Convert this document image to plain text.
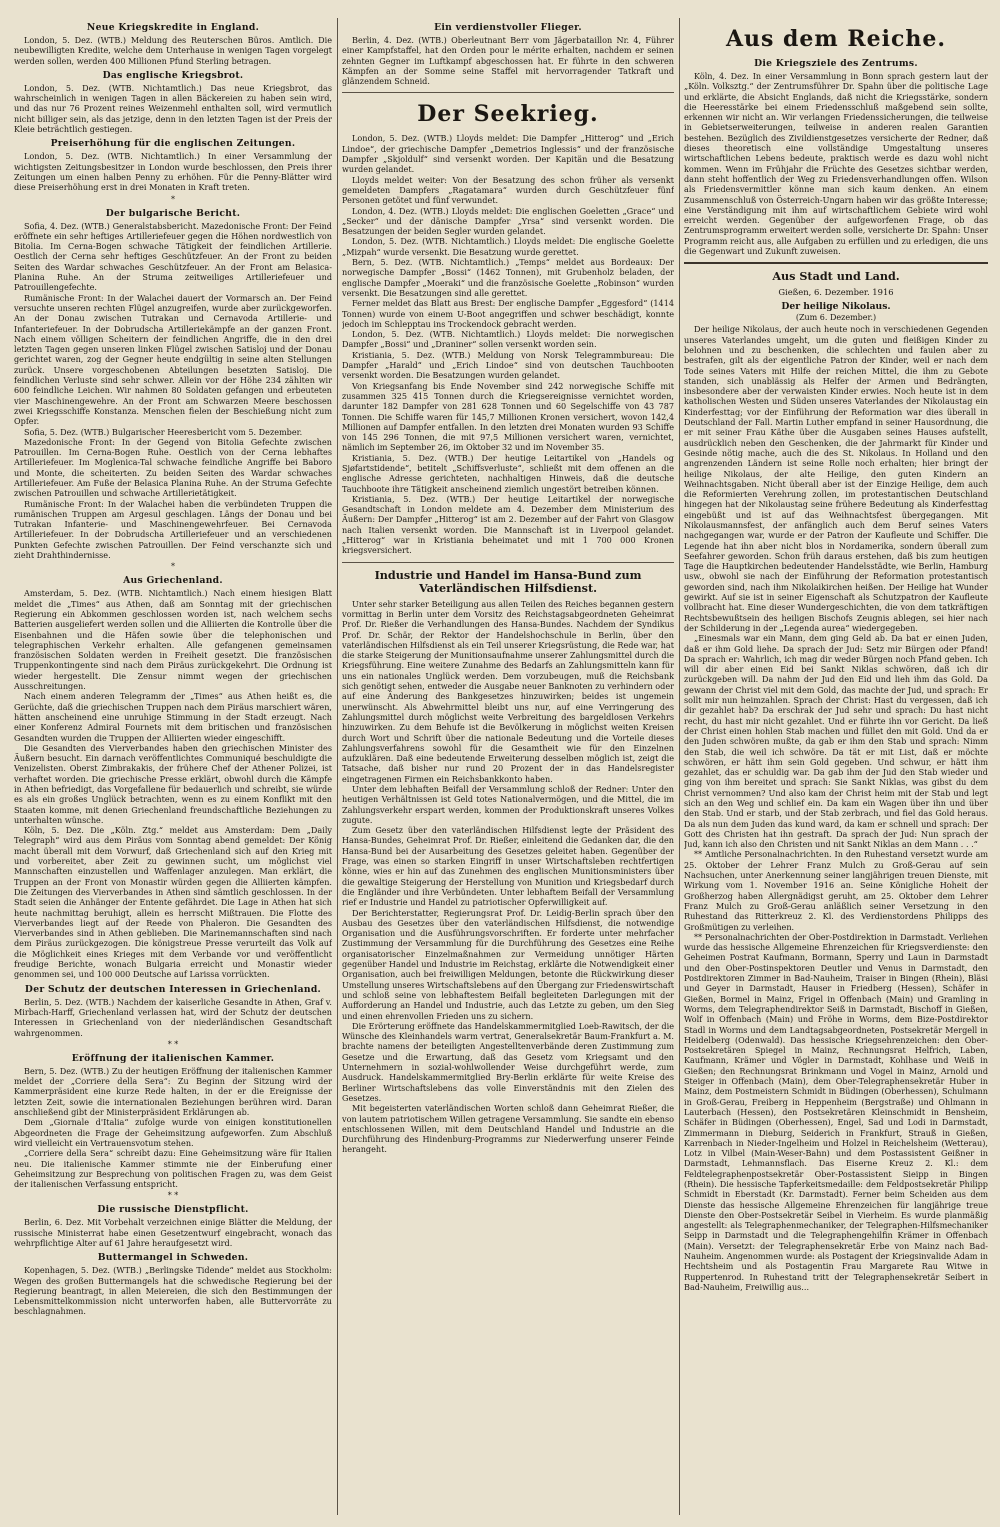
Neue Kriegskredite in England.

London, 5. Dez. (WTB.) Meldung des Reuterschen Büros. Amtlich. Die neubewilligten Kredite, welche dem Unterhause in wenigen Tagen vorgelegt werden sollen, werden 400 Millionen Pfund Sterling betragen.

Das englische Kriegsbrot.

London, 5. Dez. (WTB. Nichtamtlich.) Das neue Kriegsbrot, das wahrscheinlich in wenigen Tagen in allen Bäckereien zu haben sein wird, und das nur 76 Prozent reines Weizenmehl enthalten soll, wird vermutlich nicht billiger sein, als das jetzige, denn in den letzten Tagen ist der Preis der Kleie beträchtlich gestiegen.

Preiserhöhung für die englischen Zeitungen.

London, 5. Dez. (WTB. Nichtamtlich.) In einer Versammlung der wichtigsten Zeitungsbesitzer in London wurde beschlossen, den Preis ihrer Zeitungen um einen halben Penny zu erhöhen. Für die Penny-Blätter wird diese Preiserhöhung erst in drei Monaten in Kraft treten.

*
Der bulgarische Bericht.

Sofia, 4. Dez. (WTB.) Generalstabsbericht. Mazedonische Front: Der Feind eröffnete ein sehr heftiges Artilleriefeuer gegen die Höhen nordwestlich von Bitolia. Im Cerna-Bogen schwache Tätigkeit der feindlichen Artillerie. Oestlich der Cerna sehr heftiges Geschützfeuer. An der Front zu beiden Seiten des Wardar schwaches Geschützfeuer. An der Front am Belasica-Planina Ruhe. An der Struma zeitweiliges Artilleriefeuer und Patrouillengefechte.

Rumänische Front: In der Walachei dauert der Vormarsch an. Der Feind versuchte unseren rechten Flügel anzugreifen, wurde aber zurückgeworfen. An der Donau zwischen Tutrakan und Cernavoda Artillerie- und Infanteriefeuer. In der Dobrudscha Artilleriekämpfe an der ganzen Front. Nach einem völligen Scheitern der feindlichen Angriffe, die in den drei letzten Tagen gegen unseren linken Flügel zwischen Satisloj und der Donau gerichtet waren, zog der Gegner heute endgültig in seine alten Stellungen zurück. Unsere vorgeschobenen Abteilungen besetzten Satisloj. Die feindlichen Verluste sind sehr schwer. Allein vor der Höhe 234 zählten wir 600 feindliche Leichen. Wir nahmen 80 Soldaten gefangen und erbeuteten vier Maschinengewehre. An der Front am Schwarzen Meere beschossen zwei Kriegsschiffe Konstanza. Menschen fielen der Beschießung nicht zum Opfer.

Sofia, 5. Dez. (WTB.) Bulgarischer Heeresbericht vom 5. Dezember.

Mazedonische Front: In der Gegend von Bitolia Gefechte zwischen Patrouillen. Im Cerna-Bogen Ruhe. Oestlich von der Cerna lebhaftes Artilleriefeuer. Im Moglenica-Tal schwache feindliche Angriffe bei Baboro und Monte, die scheiterten. Zu beiden Seiten des Wardar schwaches Artilleriefeuer. Am Fuße der Belasica Planina Ruhe. An der Struma Gefechte zwischen Patrouillen und schwache Artillerietätigkeit.

Rumänische Front: In der Walachei haben die verbündeten Truppen die rumänischen Truppen am Argesul geschlagen. Längs der Donau und bei Tutrakan Infanterie- und Maschinengewehrfeuer. Bei Cernavoda Artilleriefeuer. In der Dobrudscha Artilleriefeuer und an verschiedenen Punkten Gefechte zwischen Patrouillen. Der Feind verschanzte sich und zieht Drahthindernisse.

*
Aus Griechenland.

Amsterdam, 5. Dez. (WTB. Nichtamtlich.) Nach einem hiesigen Blatt meldet die „Times“ aus Athen, daß am Sonntag mit der griechischen Regierung ein Abkommen geschlossen worden ist, nach welchem sechs Batterien ausgeliefert werden sollen und die Alliierten die Kontrolle über die Eisenbahnen und die Häfen sowie über die telephonischen und telegraphischen Verkehr erhalten. Alle gefangenen gemeinsamen französischen Soldaten werden in Freiheit gesetzt. Die französischen Truppenkontingente sind nach dem Piräus zurückgekehrt. Die Ordnung ist wieder hergestellt. Die Zensur nimmt wegen der griechischen Ausschreitungen.

Nach einem anderen Telegramm der „Times“ aus Athen heißt es, die Gerüchte, daß die griechischen Truppen nach dem Piräus marschiert wären, hätten anscheinend eine unruhige Stimmung in der Stadt erzeugt. Nach einer Konferenz Admiral Fournets mit dem britischen und französischen Gesandten wurden die Truppen der Alliierten wieder eingeschifft.

Die Gesandten des Vierverbandes haben den griechischen Minister des Äußern besucht. Ein darnach veröffentlichtes Communiqué beschuldigte die Venizelisten. Oberst Zimbrakakis, der frühere Chef der Athener Polizei, ist verhaftet worden. Die griechische Presse erklärt, obwohl durch die Kämpfe in Athen befriedigt, das Vorgefallene für bedauerlich und schreibt, sie würde es als ein großes Unglück betrachten, wenn es zu einem Konflikt mit den Staaten komme, mit denen Griechenland freundschaftliche Beziehungen zu unterhalten wünsche.

Köln, 5. Dez. Die „Köln. Ztg.“ meldet aus Amsterdam: Dem „Daily Telegraph“ wird aus dem Piräus vom Sonntag abend gemeldet: Der König macht überall mit dem Vorwurf, daß Griechenland sich auf den Krieg mit und vorbereitet, aber Zeit zu gewinnen sucht, um möglichst viel Mannschaften einzustellen und Waffenlager anzulegen. Man erklärt, die Truppen an der Front von Monastir würden gegen die Alliierten kämpfen. Die Zeitungen des Vierverbandes in Athen sind sämtlich geschlossen. In der Stadt seien die Anhänger der Entente gefährdet. Die Lage in Athen hat sich heute nachmittag beruhigt, allein es herrscht Mißtrauen. Die Flotte des Vierverbandes liegt auf der Reede von Phaleron. Die Gesandten des Vierverbandes sind in Athen geblieben. Die Marinemannschaften sind nach dem Piräus zurückgezogen. Die königstreue Presse verurteilt das Volk auf die Möglichkeit eines Krieges mit dem Verbande vor und veröffentlicht freudige Berichte, wonach Bulgaria erreicht und Monastir wieder genommen sei, und 100 000 Deutsche auf Larissa vorrückten.

Der Schutz der deutschen Interessen in Griechenland.

Berlin, 5. Dez. (WTB.) Nachdem der kaiserliche Gesandte in Athen, Graf v. Mirbach-Harff, Griechenland verlassen hat, wird der Schutz der deutschen Interessen in Griechenland von der niederländischen Gesandtschaft wahrgenommen.

* *
Eröffnung der italienischen Kammer.

Bern, 5. Dez. (WTB.) Zu der heutigen Eröffnung der italienischen Kammer meldet der „Corriere della Sera“: Zu Beginn der Sitzung wird der Kammerpräsident eine kurze Rede halten, in der er die Ereignisse der letzten Zeit, sowie die internationalen Beziehungen berühren wird. Daran anschließend gibt der Ministerpräsident Erklärungen ab.

Dem „Giornale d'Italia“ zufolge wurde von einigen konstitutionellen Abgeordneten die Frage der Geheimsitzung aufgeworfen. Zum Abschluß wird vielleicht ein Vertrauensvotum stehen.

„Corriere della Sera“ schreibt dazu: Eine Geheimsitzung wäre für Italien neu. Die italienische Kammer stimmte nie der Einberufung einer Geheimsitzung zur Besprechung von politischen Fragen zu, was dem Geist der italienischen Verfassung entspricht.

* *
Die russische Dienstpflicht.

Berlin, 6. Dez. Mit Vorbehalt verzeichnen einige Blätter die Meldung, der russische Ministerrat habe einen Gesetzentwurf eingebracht, wonach das wehrpflichtige Alter auf 61 Jahre heraufgesetzt wird.

Buttermangel in Schweden.

Kopenhagen, 5. Dez. (WTB.) „Berlingske Tidende“ meldet aus Stockholm: Wegen des großen Buttermangels hat die schwedische Regierung bei der Regierung beantragt, in allen Meiereien, die sich den Bestimmungen der Lebensmittelkommission nicht unterworfen haben, alle Buttervorräte zu beschlagnahmen.

Ein verdienstvoller Flieger.

Berlin, 4. Dez. (WTB.) Oberleutnant Berr vom Jägerbataillon Nr. 4, Führer einer Kampfstaffel, hat den Orden pour le mérite erhalten, nachdem er seinen zehnten Gegner im Luftkampf abgeschossen hat. Er führte in den schweren Kämpfen an der Somme seine Staffel mit hervorragender Tatkraft und glänzendem Schneid.

Der Seekrieg.

London, 5. Dez. (WTB.) Lloyds meldet: Die Dampfer „Hitterog“ und „Erich Lindoe“, der griechische Dampfer „Demetrios Inglessis“ und der französische Dampfer „Skjoldulf“ sind versenkt worden. Der Kapitän und die Besatzung wurden gelandet.

Lloyds meldet weiter: Von der Besatzung des schon früher als versenkt gemeldeten Dampfers „Ragatamara“ wurden durch Geschützfeuer fünf Personen getötet und fünf verwundet.

London, 4. Dez. (WTB.) Lloyds meldet: Die englischen Goeletten „Grace“ und „Secker“ und der dänische Dampfer „Yrsa“ sind versenkt worden. Die Besatzungen der beiden Segler wurden gelandet.

London, 5. Dez. (WTB. Nichtamtlich.) Lloyds meldet: Die englische Goelette „Mizpah“ wurde versenkt. Die Besatzung wurde gerettet.

Bern, 5. Dez. (WTB. Nichtamtlich.) „Temps“ meldet aus Bordeaux: Der norwegische Dampfer „Bossi“ (1462 Tonnen), mit Grubenholz beladen, der englische Dampfer „Moeraki“ und die französische Goelette „Robinson“ wurden versenkt. Die Besatzungen sind alle gerettet.

Ferner meldet das Blatt aus Brest: Der englische Dampfer „Eggesford“ (1414 Tonnen) wurde von einem U-Boot angegriffen und schwer beschädigt, konnte jedoch im Schlepptau ins Trockendock gebracht werden.

London, 5. Dez. (WTB. Nichtamtlich.) Lloyds meldet: Die norwegischen Dampfer „Bossi“ und „Draniner“ sollen versenkt worden sein.

Kristiania, 5. Dez. (WTB.) Meldung von Norsk Telegrammbureau: Die Dampfer „Harald“ und „Erich Lindoe“ sind von deutschen Tauchbooten versenkt worden. Die Besatzungen wurden gelandet.

Von Kriegsanfang bis Ende November sind 242 norwegische Schiffe mit zusammen 325 415 Tonnen durch die Kriegsereignisse vernichtet worden, darunter 182 Dampfer von 281 628 Tonnen und 60 Segelschiffe von 43 787 Tonnen. Die Schiffe waren für 145,7 Millionen Kronen versichert, wovon 142,4 Millionen auf Dampfer entfallen. In den letzten drei Monaten wurden 93 Schiffe von 145 296 Tonnen, die mit 97,5 Millionen versichert waren, vernichtet, nämlich im September 26, im Oktober 32 und im November 35.

Kristiania, 5. Dez. (WTB.) Der heutige Leitartikel von „Handels og Sjøfartstidende“, betitelt „Schiffsverluste“, schließt mit dem offenen an die englische Adresse gerichteten, nachhaltigen Hinweis, daß die deutsche Tauchboote ihre Tätigkeit anscheinend ziemlich ungestört betreiben können.

Kristiania, 5. Dez. (WTB.) Der heutige Leitartikel der norwegische Gesandtschaft in London meldete am 4. Dezember dem Ministerium des Äußern: Der Dampfer „Hitterog“ ist am 2. Dezember auf der Fahrt von Glasgow nach Italien versenkt worden. Die Mannschaft ist in Liverpool gelandet. „Hitterog“ war in Kristiania beheimatet und mit 1 700 000 Kronen kriegsversichert.

Industrie und Handel im Hansa-Bund zum Vaterländischen Hilfsdienst.

Unter sehr starker Beteiligung aus allen Teilen des Reiches begannen gestern vormittag in Berlin unter dem Vorsitz des Reichstagsabgeordneten Geheimrat Prof. Dr. Rießer die Verhandlungen des Hansa-Bundes. Nachdem der Syndikus Prof. Dr. Schär, der Rektor der Handelshochschule in Berlin, über den vaterländischen Hilfsdienst als ein Teil unserer Kriegsrüstung, die Rede war, hat die starke Steigerung der Munitionsaufnahme unserer Zahlungsmittel durch die Kriegsführung. Eine weitere Zunahme des Bedarfs an Zahlungsmitteln kann für uns ein nationales Unglück werden. Dem vorzubeugen, muß die Reichsbank sich genötigt sehen, entweder die Ausgabe neuer Banknoten zu verhindern oder auf eine Änderung des Bankgesetzes hinzuwirken; beides ist ungemein unerwünscht. Als Abwehrmittel bleibt uns nur, auf eine Verringerung des Zahlungsmittel durch möglichst weite Verbreitung des bargeldlosen Verkehrs hinzuwirken. Zu dem Behufe ist die Bevölkerung in möglichst weiten Kreisen durch Wort und Schrift über die nationale Bedeutung und die Vorteile dieses Zahlungsverfahrens sowohl für die Gesamtheit wie für den Einzelnen aufzuklären. Daß eine bedeutende Erweiterung desselben möglich ist, zeigt die Tatsache, daß bisher nur rund 20 Prozent der in das Handelsregister eingetragenen Firmen ein Reichsbankkonto haben.

Unter dem lebhaften Beifall der Versammlung schloß der Redner: Unter den heutigen Verhältnissen ist Geld totes Nationalvermögen, und die Mittel, die im Zahlungsverkehr erspart werden, kommen der Produktionskraft unseres Volkes zugute.

Zum Gesetz über den vaterländischen Hilfsdienst legte der Präsident des Hansa-Bundes, Geheimrat Prof. Dr. Rießer, einleitend die Gedanken dar, die den Hansa-Bund bei der Ausarbeitung des Gesetzes geleitet haben. Gegenüber der Frage, was einen so starken Eingriff in unser Wirtschaftsleben rechtfertigen könne, wies er hin auf das Zunehmen des englischen Munitionsministers über die gewaltige Steigerung der Herstellung von Munition und Kriegsbedarf durch die Engländer und ihre Verbündeten. Unter lebhaftem Beifall der Versammlung rief er Industrie und Handel zu patriotischer Opferwilligkeit auf.

Der Berichterstatter, Regierungsrat Prof. Dr. Leidig-Berlin sprach über den Ausbau des Gesetzes über den vaterländischen Hilfsdienst, die notwendige Organisation und die Ausführungsvorschriften. Er forderte unter mehrfacher Zustimmung der Versammlung für die Durchführung des Gesetzes eine Reihe organisatorischer Einzelmaßnahmen zur Vermeidung unnötiger Härten gegenüber Handel und Industrie im Reichstag, erklärte die Notwendigkeit einer Organisation, auch bei freiwilligen Meldungen, betonte die Rückwirkung dieser Umstellung unseres Wirtschaftslebens auf den Übergang zur Friedenswirtschaft und schloß seine von lebhaftestem Beifall begleiteten Darlegungen mit der Aufforderung an Handel und Industrie, auch das Letzte zu geben, um den Sieg und einen ehrenvollen Frieden uns zu sichern.

Die Erörterung eröffnete das Handelskammermitglied Loeb-Rawitsch, der die Wünsche des Kleinhandels warm vertrat, Generalsekretär Baum-Frankfurt a. M. brachte namens der beteiligten Angestelltenverbände deren Zustimmung zum Gesetze und die Erwartung, daß das Gesetz vom Kriegsamt und den Unternehmern in sozial-wohlwollender Weise durchgeführt werde, zum Ausdruck. Handelskammermitglied Bry-Berlin erklärte für weite Kreise des Berliner Wirtschaftslebens das volle Einverständnis mit den Zielen des Gesetzes.

Mit begeisterten vaterländischen Worten schloß dann Geheimrat Rießer, die von lautem patriotischem Willen getragene Versammlung. Sie sandte ein ebenso entschlossenen Willen, mit dem Deutschland Handel und Industrie an die Durchführung des Hindenburg-Programms zur Niederwerfung unserer Feinde herangeht.

Aus dem Reiche.
Die Kriegsziele des Zentrums.

Köln, 4. Dez. In einer Versammlung in Bonn sprach gestern laut der „Köln. Volksztg.“ der Zentrumsführer Dr. Spahn über die politische Lage und erklärte, die Absicht Englands, daß nicht die Kriegsstärke, sondern die Heeresstärke bei einem Friedensschluß maßgebend sein sollte, erkennen wir nicht an. Wir verlangen Friedenssicherungen, die teilweise in Gebietserweiterungen, teilweise in anderen realen Garantien bestehen. Bezüglich des Zivildienstgesetzes versicherte der Redner, daß dieses theoretisch eine vollständige Umgestaltung unseres wirtschaftlichen Lebens bedeute, praktisch werde es dazu wohl nicht kommen. Wenn im Frühjahr die Früchte des Gesetzes sichtbar werden, dann steht hoffentlich der Weg zu Friedensverhandlungen offen. Wilson als Friedensvermittler könne man sich kaum denken. An einem Zusammenschluß von Österreich-Ungarn haben wir das größte Interesse; eine Verständigung mit ihm auf wirtschaftlichem Gebiete wird wohl erreicht werden. Gegenüber der aufgeworfenen Frage, ob das Zentrumsprogramm erweitert werden solle, versicherte Dr. Spahn: Unser Programm reicht aus, alle Aufgaben zu erfüllen und zu erledigen, die uns die Gegenwart und Zukunft zuweisen.

Aus Stadt und Land.
Gießen, 6. Dezember. 1916
Der heilige Nikolaus.
(Zum 6. Dezember.)

Der heilige Nikolaus, der auch heute noch in verschiedenen Gegenden unseres Vaterlandes umgeht, um die guten und fleißigen Kinder zu belohnen und zu beschenken, die schlechten und faulen aber zu bestrafen, gilt als der eigentliche Patron der Kinder, weil er nach dem Tode seines Vaters mit Hilfe der reichen Mittel, die ihm zu Gebote standen, sich unablässig als Helfer der Armen und Bedrängten, insbesondere aber der verwaisten Kinder erwies. Noch heute ist in dem katholischen Westen und Süden unseres Vaterlandes der Nikolaustag ein Kinderfesttag; vor der Einführung der Reformation war dies überall in Deutschland der Fall. Martin Luther empfand in seiner Hausordnung, die er mit seiner Frau Käthe über die Ausgaben seines Hauses aufstellt, ausdrücklich neben den Geschenken, die der Jahrmarkt für Kinder und Gesinde nötig mache, auch die des St. Nikolaus. In Holland und den angrenzenden Ländern ist seine Rolle noch erhalten; hier bringt der heilige Nikolaus, der alte Heilige, den guten Kindern an Weihnachtsgaben. Nicht überall aber ist der Einzige Heilige, dem auch die Reformierten Verehrung zollen, im protestantischen Deutschland hingegen hat der Nikolaustag seine frühere Bedeutung als Kinderfesttag eingebüßt und ist auf das Weihnachtsfest übergegangen. Mit Nikolausmannsfest, der anfänglich auch dem Beruf seines Vaters nachgegangen war, wurde er der Patron der Kaufleute und Schiffer. Die Legende hat ihn aber nicht blos in Nordamerika, sondern überall zum Seefahrer geworden. Schon früh daraus erstehen, daß bis zum heutigen Tage die Hauptkirchen bedeutender Handelsstädte, wie Berlin, Hamburg usw., obwohl sie nach der Einführung der Reformation protestantisch geworden sind, nach ihm Nikolaikirchen heißen. Der Heilige hat Wunder gewirkt. Auf sie ist in seiner Eigenschaft als Schutzpatron der Kaufleute vollbracht hat. Eine dieser Wundergeschichten, die von dem tatkräftigen Rechtsbewußtsein des heiligen Bischofs Zeugnis ablegen, sei hier nach der Schilderung in der „Legenda aurea“ wiedergegeben.

„Einesmals war ein Mann, dem ging Geld ab. Da bat er einen Juden, daß er ihm Gold liehe. Da sprach der Jud: Setz mir Bürgen oder Pfand! Da sprach er: Wahrlich, ich mag dir weder Bürgen noch Pfand geben. Ich will dir aber einen Eid bei Sankt Niklas schwören, daß ich dir zurückgeben will. Da nahm der Jud den Eid und lieh ihm das Gold. Da gewann der Christ viel mit dem Gold, das machte der Jud, und sprach: Er sollt mir nun heimzahlen. Sprach der Christ: Hast du vergessen, daß ich dir gezahlet hab? Da erschrak der Jud sehr und sprach: Du hast nicht recht, du hast mir nicht gezahlet. Und er führte ihn vor Gericht. Da ließ der Christ einen hohlen Stab machen und füllet den mit Gold. Und da er den Juden schwören mußte, da gab er ihm den Stab und sprach: Nimm den Stab, die weil ich schwöre. Da tät er mit List, daß er möchte schwören, er hätt ihm sein Gold gegeben. Und schwur, er hätt ihm gezahlet, das er schuldig war. Da gab ihm der Jud den Stab wieder und ging von ihm bereitet und sprach: Sie Sankt Niklas, was gibst du dem Christ vernommen? Und also kam der Christ heim mit der Stab und legt sich an den Weg und schlief ein. Da kam ein Wagen über ihn und über den Stab. Und er starb, und der Stab zerbrach, und fiel das Gold heraus. Da als nun dem Juden das kund ward, da kam er schnell und sprach: Der Gott des Christen hat ihn gestraft. Da sprach der Jud: Nun sprach der Jud, kann ich also den Christen und nit Sankt Niklas an dem Mann . . .“

** Amtliche Personalnachrichten. In den Ruhestand versetzt wurde am 25. Oktober der Lehrer Franz Mulch zu Groß-Gerau auf sein Nachsuchen, unter Anerkennung seiner langjährigen treuen Dienste, mit Wirkung vom 1. November 1916 an. Seine Königliche Hoheit der Großherzog haben Allergnädigst geruht, am 25. Oktober dem Lehrer Franz Mulch zu Groß-Gerau anläßlich seiner Versetzung in den Ruhestand das Ritterkreuz 2. Kl. des Verdienstordens Philipps des Großmütigen zu verleihen.

** Personalnachrichten der Ober-Postdirektion in Darmstadt. Verliehen wurde das hessische Allgemeine Ehrenzeichen für Kriegsverdienste: den Geheimen Postrat Kaufmann, Bormann, Sperry und Laun in Darmstadt und den Ober-Postinspektoren Deutler und Venus in Darmstadt, den Postdirektoren Zimmer in Bad-Nauheim, Traiser in Bingen (Rhein), Bläsi und Geyer in Darmstadt, Hauser in Friedberg (Hessen), Schäfer in Gießen, Bormel in Mainz, Frigel in Offenbach (Main) und Gramling in Worms, dem Telegraphendirektor Seiß in Darmstadt, Bischoff in Gießen, Wolf in Offenbach (Main) und Fröhe in Worms, dem Bize-Postdirektor Stadl in Worms und dem Landtagsabgeordneten, Postsekretär Mergell in Heidelberg (Odenwald). Das hessische Kriegsehrenzeichen: den Ober-Postsekretären Spiegel in Mainz, Rechnungsrat Helfrich, Laben, Kaufmann, Krämer und Vögler in Darmstadt, Kohlhase und Weiß in Gießen; den Rechnungsrat Brinkmann und Vogel in Mainz, Arnold und Steiger in Offenbach (Main), dem Ober-Telegraphensekretär Huber in Mainz, dem Postmeistern Schmidt in Büdingen (Oberhessen), Schulmann in Groß-Gerau, Freiberg in Heppenheim (Bergstraße) und Ohlmann in Lauterbach (Hessen), den Postsekretären Kleinschmidt in Bensheim, Schäfer in Büdingen (Oberhessen), Engel, Sad und Lodi in Darmstadt, Zimmermann in Dieburg, Seiderich in Frankfurt, Strauß in Gießen, Karrenbach in Nieder-Ingelheim und Holzel in Reichelsheim (Wetterau), Lotz in Vilbel (Main-Weser-Bahn) und dem Postassistent Geißner in Darmstadt, Lehmannsflach. Das Eiserne Kreuz 2. Kl.: dem Feldtelegraphenpostsekretär Ober-Postassistent Sieipp in Bingen (Rhein). Die hessische Tapferkeitsmedaille: dem Feldpostsekretär Philipp Schmidt in Eberstadt (Kr. Darmstadt). Ferner beim Scheiden aus dem Dienste das hessische Allgemeine Ehrenzeichen für langjährige treue Dienste den Ober-Postsekretär Seibel in Vierheim. Es wurde planmäßig angestellt: als Telegraphenmechaniker, der Telegraphen-Hilfsmechaniker Seipp in Darmstadt und die Telegraphengehilfin Krämer in Offenbach (Main). Versetzt: der Telegraphensekretär Erbe von Mainz nach Bad-Nauheim. Angenommen wurde: als Postagent der Kriegsinvalide Adam in Hechtsheim und als Postagentin Frau Margarete Rau Witwe in Ruppertenrod. In Ruhestand tritt der Telegraphensekretär Seibert in Bad-Nauheim, Freiwillig aus...
